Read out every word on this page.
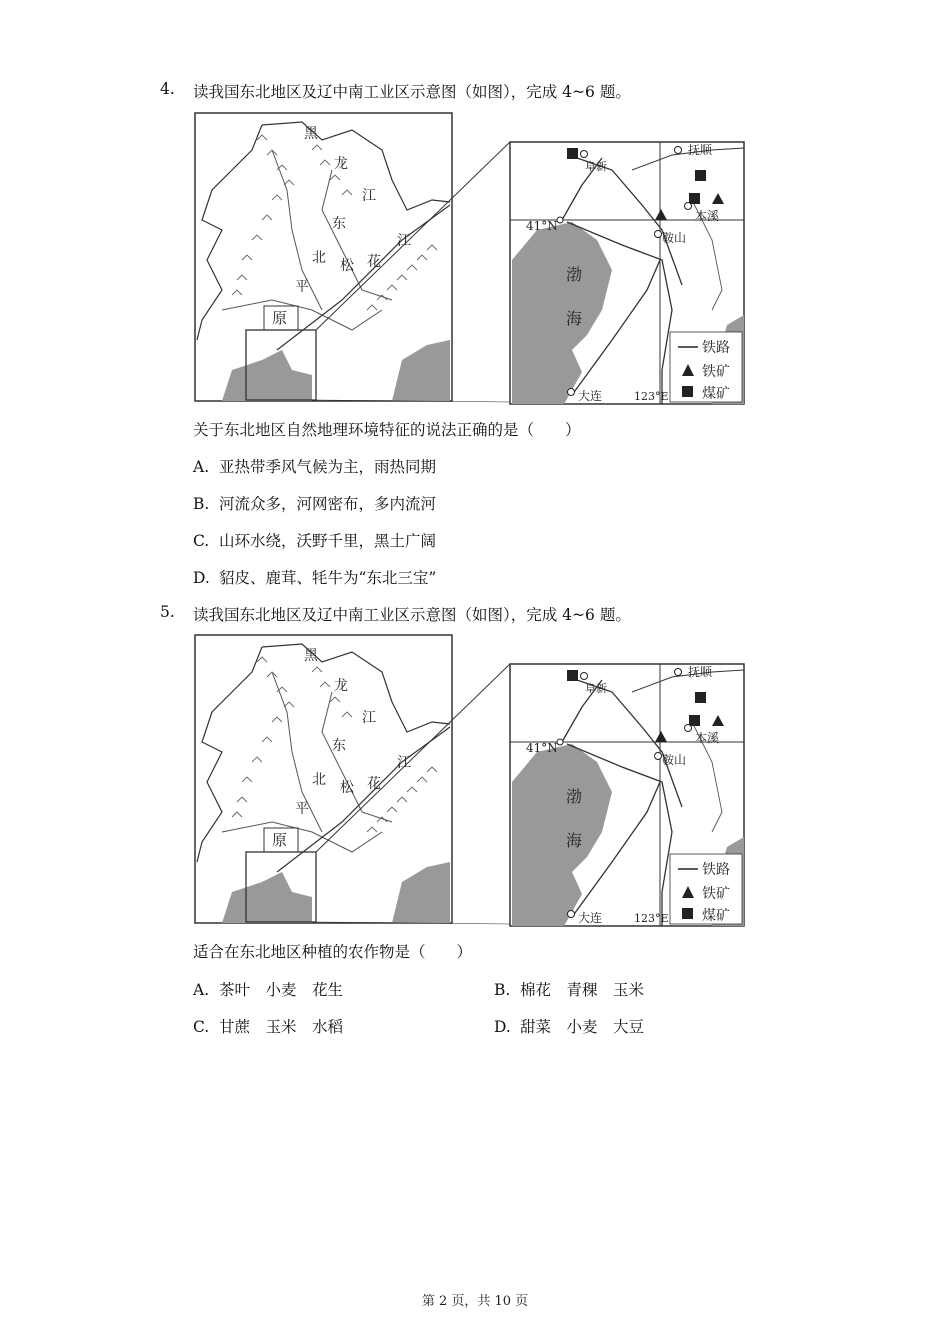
4. 读我国东北地区及辽中南工业区示意图（如图），完成 4~6 题。
黑
龙
江
东
北 松 花
江
平
原
阜新
抚顺
本溪
鞍山
大连
41°N
123°E
渤
海
铁路
铁矿
煤矿
关于东北地区自然地理环境特征的说法正确的是（　　）
A. 亚热带季风气候为主，雨热同期
B. 河流众多，河网密布，多内流河
C. 山环水绕，沃野千里，黑土广阔
D. 貂皮、鹿茸、牦牛为“东北三宝”
5. 读我国东北地区及辽中南工业区示意图（如图），完成 4~6 题。
黑
龙
江
东
北 松 花
江
平
原
阜新
抚顺
本溪
鞍山
大连
41°N
123°E
渤
海
铁路
铁矿
煤矿
适合在东北地区种植的农作物是（　　）
A. 茶叶　小麦　花生	B. 棉花　青稞　玉米
C. 甘蔗　玉米　水稻	D. 甜菜　小麦　大豆
第 2 页，共 10 页
